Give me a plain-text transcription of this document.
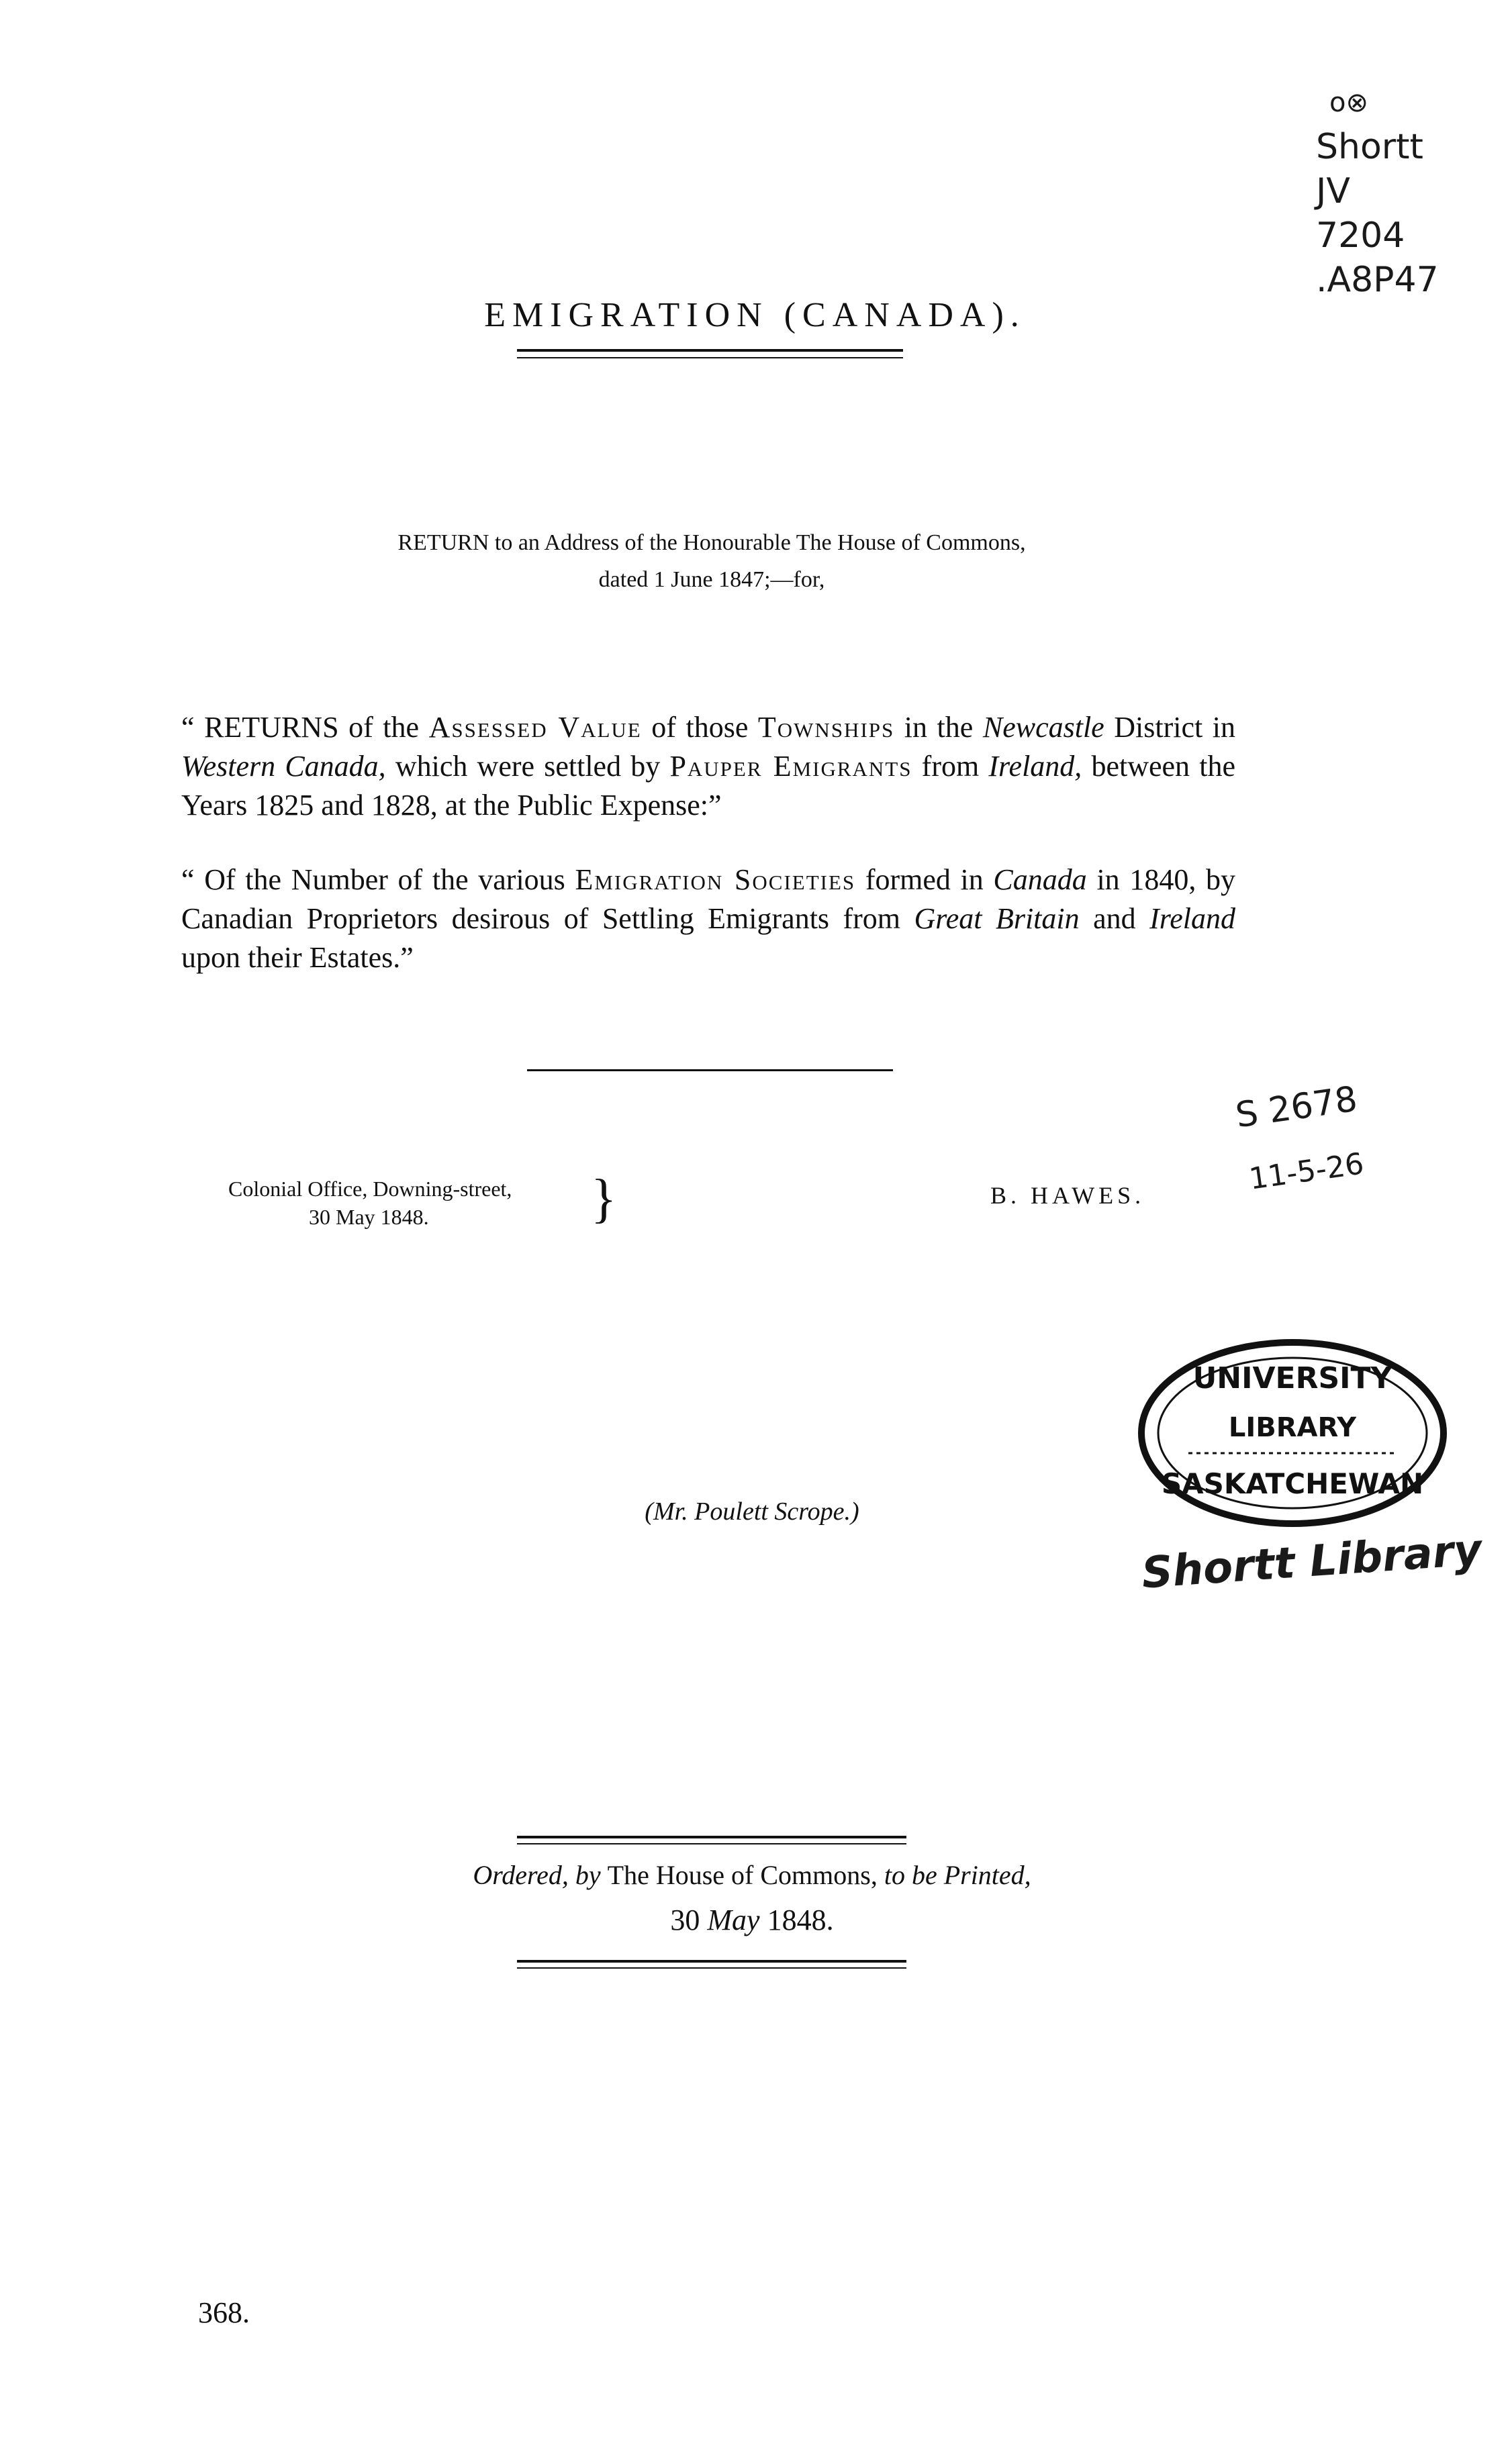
EMIGRATION (CANADA).
RETURN to an Address of the Honourable The House of Commons,
dated 1 June 1847;—for,
“ RETURNS of the Assessed Value of those Townships in the Newcastle District in Western Canada, which were settled by Pauper Emigrants from Ireland, between the Years 1825 and 1828, at the Public Expense:”
“ Of the Number of the various Emigration Societies formed in Canada in 1840, by Canadian Proprietors desirous of Settling Emigrants from Great Britain and Ireland upon their Estates.”
Colonial Office, Downing-street,
30 May 1848.	}	B. HAWES.
o⊗
Shortt
JV
7204
.A8P47
S 2678
11-5-26
UNIVERSITY
LIBRARY
SASKATCHEWAN
Shortt Library
(Mr. Poulett Scrope.)
Ordered, by The House of Commons, to be Printed,
30 May 1848.
368.
